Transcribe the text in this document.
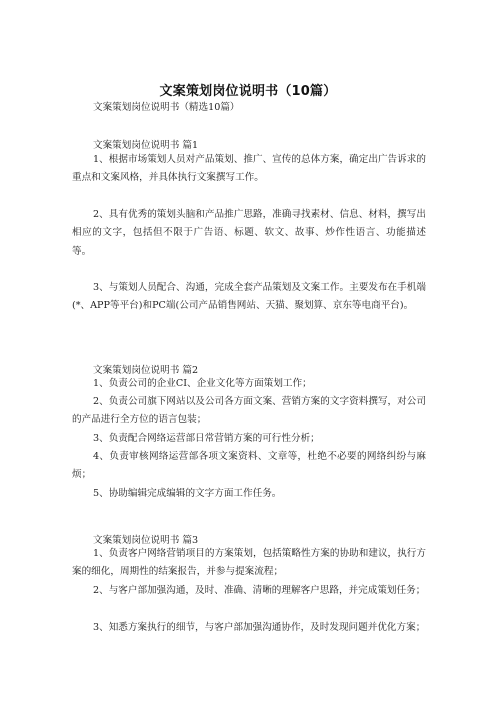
文案策划岗位说明书（10篇）
文案策划岗位说明书（精选10篇）
文案策划岗位说明书 篇1

1、根据市场策划人员对产品策划、推广、宣传的总体方案，确定出广告诉求的重点和文案风格，并具体执行文案撰写工作。

2、具有优秀的策划头脑和产品推广思路，准确寻找素材、信息、材料，撰写出相应的文字，包括但不限于广告语、标题、软文、故事、炒作性语言、功能描述等。

3、与策划人员配合、沟通，完成全套产品策划及文案工作。主要发布在手机端(*、APP等平台)和PC端(公司产品销售网站、天猫、聚划算、京东等电商平台)。

文案策划岗位说明书 篇2

1、负责公司的企业CI、企业文化等方面策划工作；

2、负责公司旗下网站以及公司各方面文案、营销方案的文字资料撰写，对公司的产品进行全方位的语言包装；

3、负责配合网络运营部日常营销方案的可行性分析；

4、负责审核网络运营部各项文案资料、文章等，杜绝不必要的网络纠纷与麻烦；

5、协助编辑完成编辑的文字方面工作任务。

文案策划岗位说明书 篇3

1、负责客户网络营销项目的方案策划，包括策略性方案的协助和建议，执行方案的细化，周期性的结案报告，并参与提案流程；

2、与客户部加强沟通，及时、准确、清晰的理解客户思路，并完成策划任务；

3、知悉方案执行的细节，与客户部加强沟通协作，及时发现问题并优化方案；
